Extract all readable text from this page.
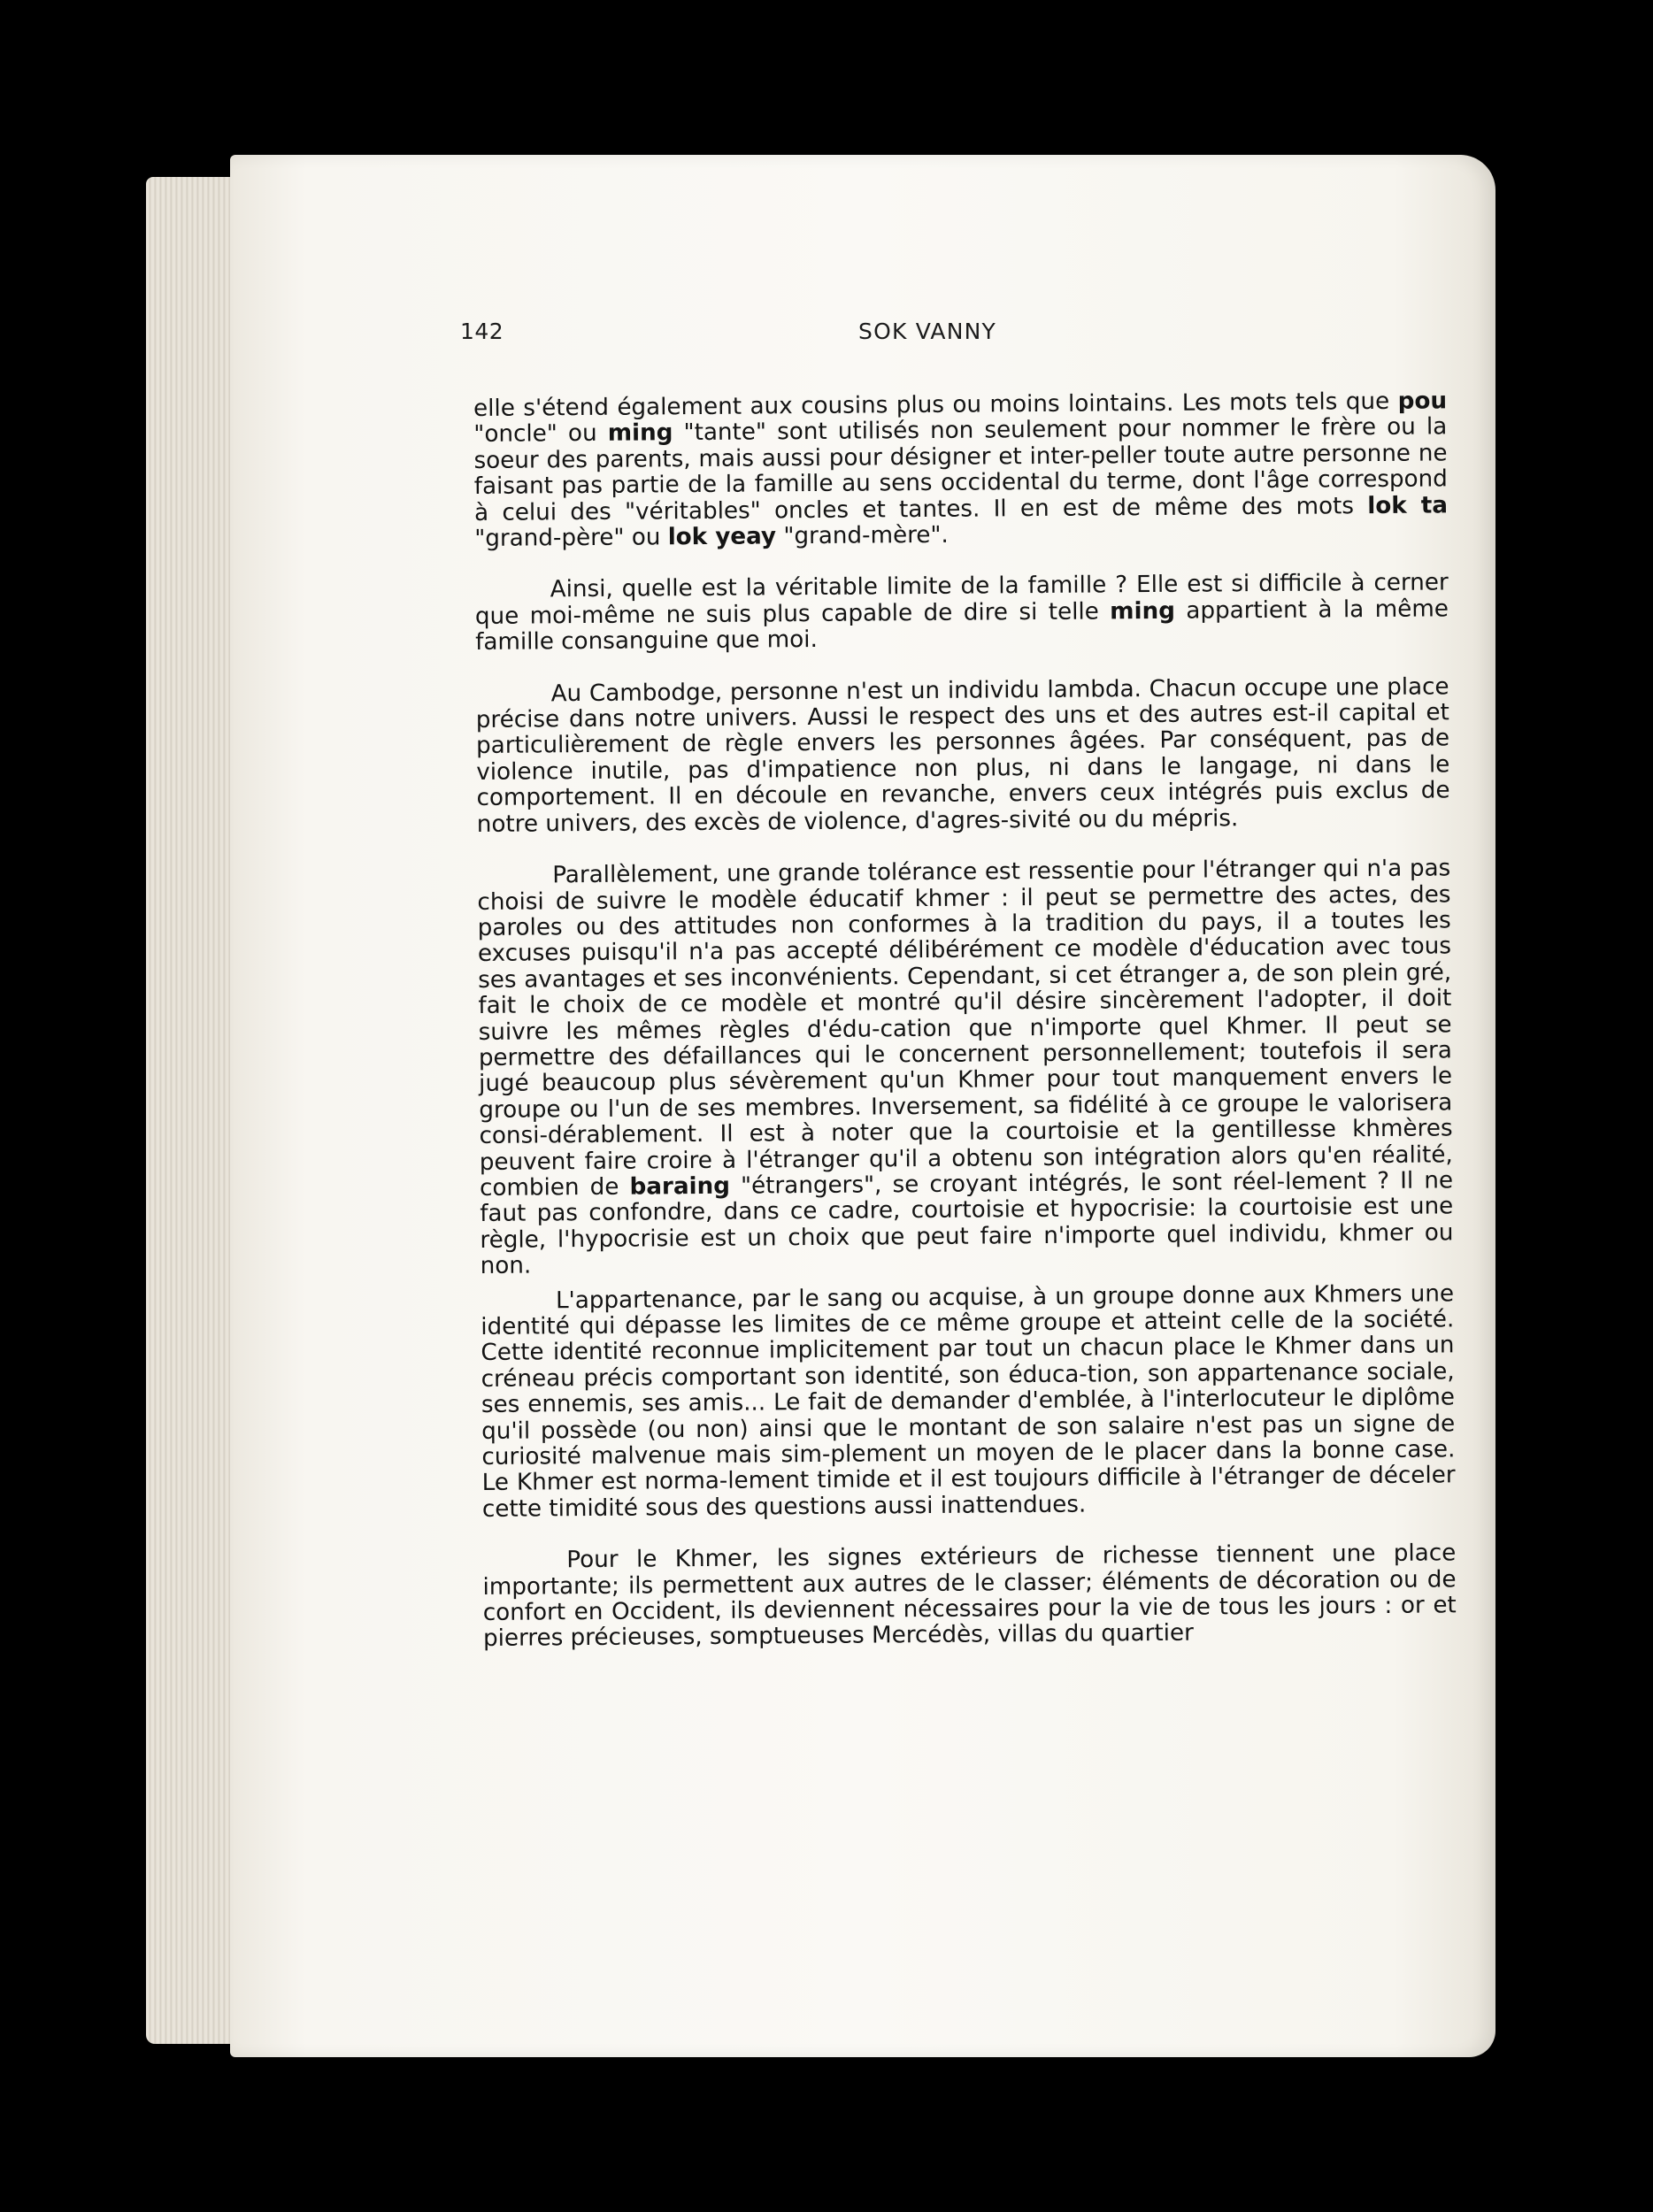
142	SOK VANNY

elle s'étend également aux cousins plus ou moins lointains. Les mots tels que pou "oncle" ou ming "tante" sont utilisés non seulement pour nommer le frère ou la soeur des parents, mais aussi pour désigner et inter-peller toute autre personne ne faisant pas partie de la famille au sens occidental du terme, dont l'âge correspond à celui des "véritables" oncles et tantes. Il en est de même des mots lok ta "grand-père" ou lok yeay "grand-mère".

Ainsi, quelle est la véritable limite de la famille ? Elle est si difficile à cerner que moi-même ne suis plus capable de dire si telle ming appartient à la même famille consanguine que moi.

Au Cambodge, personne n'est un individu lambda. Chacun occupe une place précise dans notre univers. Aussi le respect des uns et des autres est-il capital et particulièrement de règle envers les personnes âgées. Par conséquent, pas de violence inutile, pas d'impatience non plus, ni dans le langage, ni dans le comportement. Il en découle en revanche, envers ceux intégrés puis exclus de notre univers, des excès de violence, d'agres-sivité ou du mépris.

Parallèlement, une grande tolérance est ressentie pour l'étranger qui n'a pas choisi de suivre le modèle éducatif khmer : il peut se permettre des actes, des paroles ou des attitudes non conformes à la tradition du pays, il a toutes les excuses puisqu'il n'a pas accepté délibérément ce modèle d'éducation avec tous ses avantages et ses inconvénients. Cependant, si cet étranger a, de son plein gré, fait le choix de ce modèle et montré qu'il désire sincèrement l'adopter, il doit suivre les mêmes règles d'édu-cation que n'importe quel Khmer. Il peut se permettre des défaillances qui le concernent personnellement; toutefois il sera jugé beaucoup plus sévèrement qu'un Khmer pour tout manquement envers le groupe ou l'un de ses membres. Inversement, sa fidélité à ce groupe le valorisera consi-dérablement. Il est à noter que la courtoisie et la gentillesse khmères peuvent faire croire à l'étranger qu'il a obtenu son intégration alors qu'en réalité, combien de baraing "étrangers", se croyant intégrés, le sont réel-lement ? Il ne faut pas confondre, dans ce cadre, courtoisie et hypocrisie: la courtoisie est une règle, l'hypocrisie est un choix que peut faire n'importe quel individu, khmer ou non.

L'appartenance, par le sang ou acquise, à un groupe donne aux Khmers une identité qui dépasse les limites de ce même groupe et atteint celle de la société. Cette identité reconnue implicitement par tout un chacun place le Khmer dans un créneau précis comportant son identité, son éduca-tion, son appartenance sociale, ses ennemis, ses amis... Le fait de demander d'emblée, à l'interlocuteur le diplôme qu'il possède (ou non) ainsi que le montant de son salaire n'est pas un signe de curiosité malvenue mais sim-plement un moyen de le placer dans la bonne case. Le Khmer est norma-lement timide et il est toujours difficile à l'étranger de déceler cette timidité sous des questions aussi inattendues.

Pour le Khmer, les signes extérieurs de richesse tiennent une place importante; ils permettent aux autres de le classer; éléments de décoration ou de confort en Occident, ils deviennent nécessaires pour la vie de tous les jours : or et pierres précieuses, somptueuses Mercédès, villas du quartier
